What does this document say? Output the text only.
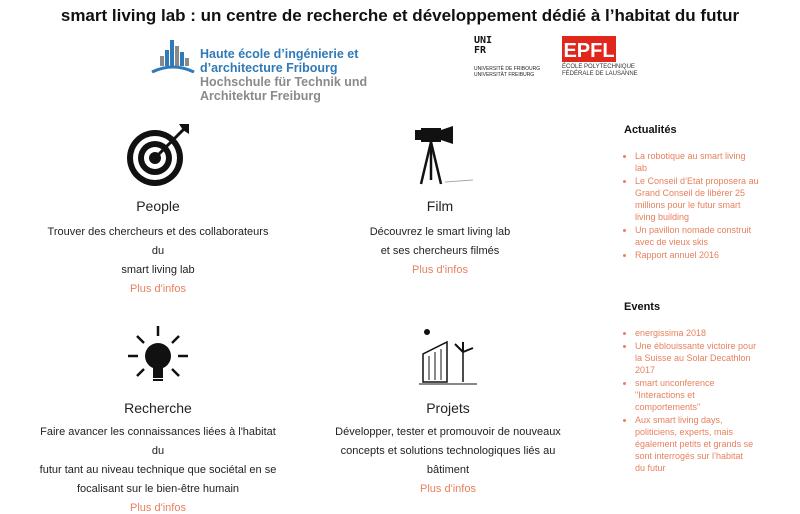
smart living lab : un centre de recherche et développement dédié à l’habitat du futur
Haute école d’ingénierie et d’architecture Fribourg
Hochschule für Technik und Architektur Freiburg
UNIFR
UNIVERSITÉ DE FRIBOURG
UNIVERSITÄT FREIBURG
EPFL
ÉCOLE POLYTECHNIQUE
FÉDÉRALE DE LAUSANNE
People
Trouver des chercheurs et des collaborateurs du
smart living lab
Plus d'infos
Film
Découvrez le smart living lab
et ses chercheurs filmés
Plus d'infos
Recherche
Faire avancer les connaissances liées à l'habitat du
futur tant au niveau technique que sociétal en se
focalisant sur le bien-être humain
Plus d'infos
Projets
Développer, tester et promouvoir de nouveaux
concepts et solutions technologiques liés au
bâtiment
Plus d'infos
Actualités
• La robotique au smart living
lab
• Le Conseil d’Etat proposera au
Grand Conseil de libérer 25
millions pour le futur smart
living building
• Un pavillon nomade construit
avec de vieux skis
• Rapport annuel 2016
Events
• energissima 2018
• Une éblouissante victoire pour
la Suisse au Solar Decathlon
2017
• smart unconference
"Interactions et
comportements"
• Aux smart living days,
politiciens, experts, mais
également petits et grands se
sont interrogés sur l’habitat
du futur
